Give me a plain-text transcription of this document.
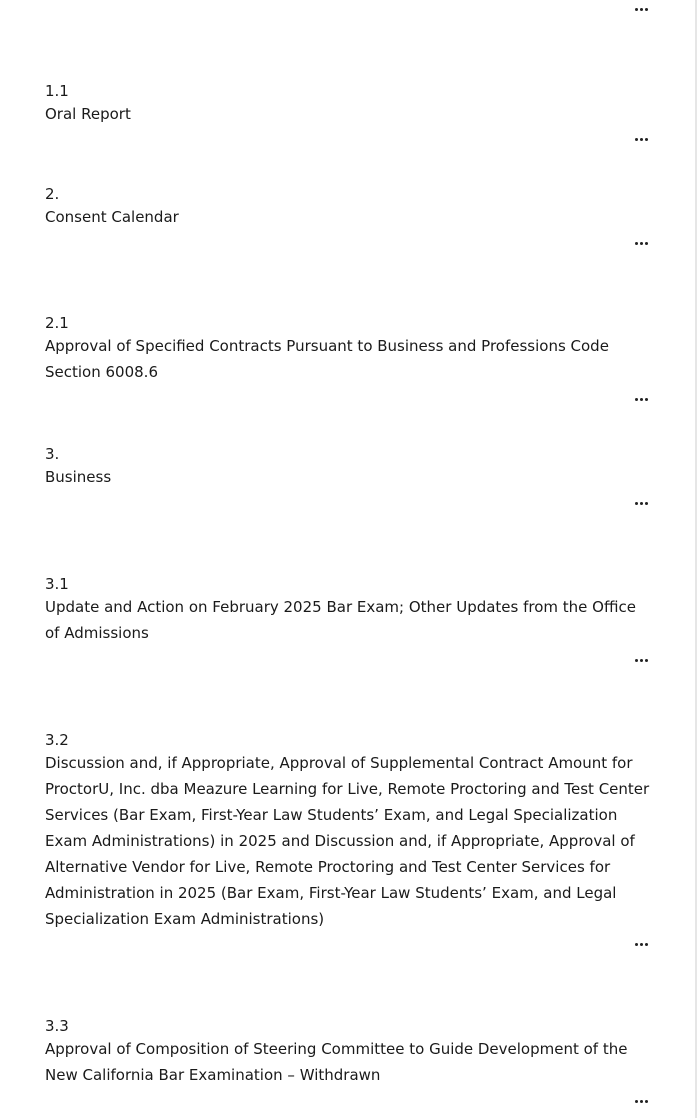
1.1

Oral Report

2.

Consent Calendar

2.1

Approval of Specified Contracts Pursuant to Business and Professions Code Section 6008.6

3.

Business

3.1

Update and Action on February 2025 Bar Exam; Other Updates from the Office of Admissions

3.2

Discussion and, if Appropriate, Approval of Supplemental Contract Amount for ProctorU, Inc. dba Meazure Learning for Live, Remote Proctoring and Test Center Services (Bar Exam, First-Year Law Students’ Exam, and Legal Specialization Exam Administrations) in 2025 and Discussion and, if Appropriate, Approval of Alternative Vendor for Live, Remote Proctoring and Test Center Services for Administration in 2025 (Bar Exam, First-Year Law Students’ Exam, and Legal Specialization Exam Administrations)

3.3

Approval of Composition of Steering Committee to Guide Development of the New California Bar Examination – Withdrawn
